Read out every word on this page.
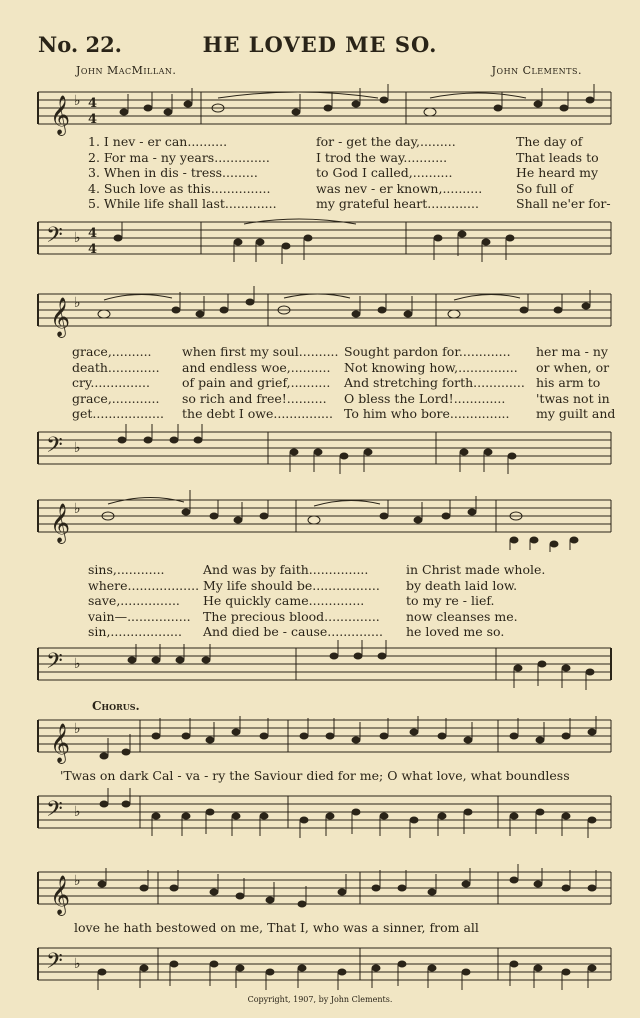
No. 22.	HE LOVED ME SO.
John MacMillan.	John Clements.
𝄞 ♭ 4
4
1. I nev - er can..........	for - get the day,.........	The day of
2. For ma - ny years..............	I trod the way...........	That leads to
3. When in dis - tress.........	to God I called,..........	He heard my
4. Such love as this...............	was nev - er known,..........	So full of
5. While life shall last.............	my grateful heart.............	Shall ne'er for-
𝄢 ♭ 4
4
𝄞 ♭
grace,.......... when first my soul.......... Sought pardon for............. her ma - ny
death............. and endless woe,.......... Not knowing how,............... or when, or
cry...............	of pain and grief,.......... And stretching forth............. his arm to
grace,............ so rich and free!.......... O bless the Lord!............. 'twas not in
get.................. the debt I owe............... To him who bore............... my guilt and
𝄢 ♭
𝄞 ♭
sins,............	And was by faith...............	in Christ made whole.
where.................. My life should be................. by death laid low.
save,............... He quickly came..............	to my re - lief.
vain—................ The precious blood.............. now cleanses me.
sin,.................. And died be - cause.............. he loved me so.
𝄢 ♭
Chorus.
𝄞 ♭
'Twas on dark Cal - va - ry the Saviour died for me; O what love, what boundless
𝄢 ♭
𝄞 ♭
love he hath bestowed on me, That I, who was a sinner, from all
𝄢 ♭
Copyright, 1907, by John Clements.
